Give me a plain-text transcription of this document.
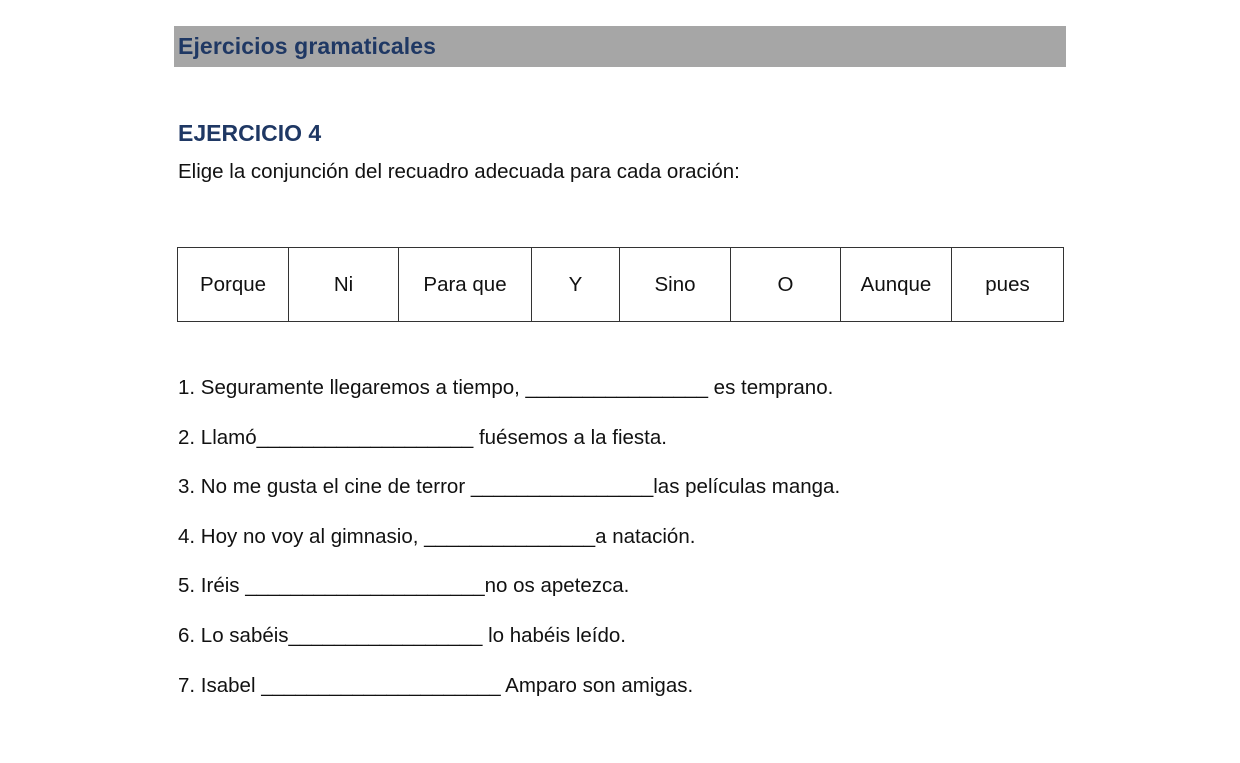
Ejercicios gramaticales
EJERCICIO 4
Elige la conjunción del recuadro adecuada para cada oración:
Porque	Ni	Para que	Y	Sino	O	Aunque	pues
1. Seguramente llegaremos a tiempo, ________________ es temprano.
2. Llamó___________________ fuésemos a la fiesta.
3. No me gusta el cine de terror ________________las películas manga.
4. Hoy no voy al gimnasio, _______________a natación.
5. Iréis _____________________no os apetezca.
6. Lo sabéis_________________ lo habéis leído.
7. Isabel _____________________ Amparo son amigas.
